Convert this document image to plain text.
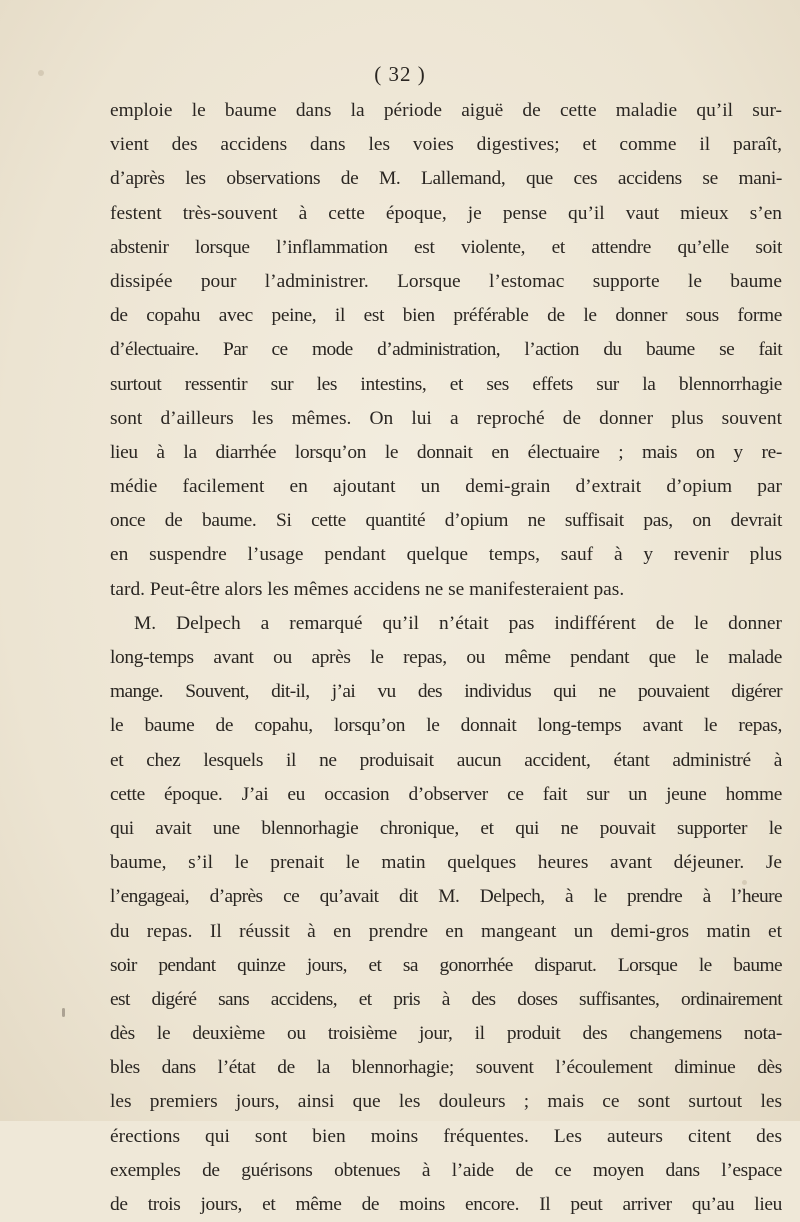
( 32 )
emploie le baume dans la période aiguë de cette maladie qu’il sur-
vient des accidens dans les voies digestives; et comme il paraît,
d’après les observations de M. Lallemand, que ces accidens se mani-
festent très-souvent à cette époque, je pense qu’il vaut mieux s’en
abstenir lorsque l’inflammation est violente, et attendre qu’elle soit
dissipée pour l’administrer. Lorsque l’estomac supporte le baume
de copahu avec peine, il est bien préférable de le donner sous forme
d’électuaire. Par ce mode d’administration, l’action du baume se fait
surtout ressentir sur les intestins, et ses effets sur la blennorrhagie
sont d’ailleurs les mêmes. On lui a reproché de donner plus souvent
lieu à la diarrhée lorsqu’on le donnait en électuaire ; mais on y re-
médie facilement en ajoutant un demi-grain d’extrait d’opium par
once de baume. Si cette quantité d’opium ne suffisait pas, on devrait
en suspendre l’usage pendant quelque temps, sauf à y revenir plus
tard. Peut-être alors les mêmes accidens ne se manifesteraient pas.
M. Delpech a remarqué qu’il n’était pas indifférent de le donner
long-temps avant ou après le repas, ou même pendant que le malade
mange. Souvent, dit-il, j’ai vu des individus qui ne pouvaient digérer
le baume de copahu, lorsqu’on le donnait long-temps avant le repas,
et chez lesquels il ne produisait aucun accident, étant administré à
cette époque. J’ai eu occasion d’observer ce fait sur un jeune homme
qui avait une blennorhagie chronique, et qui ne pouvait supporter le
baume, s’il le prenait le matin quelques heures avant déjeuner. Je
l’engageai, d’après ce qu’avait dit M. Delpech, à le prendre à l’heure
du repas. Il réussit à en prendre en mangeant un demi-gros matin et
soir pendant quinze jours, et sa gonorrhée disparut. Lorsque le baume
est digéré sans accidens, et pris à des doses suffisantes, ordinairement
dès le deuxième ou troisième jour, il produit des changemens nota-
bles dans l’état de la blennorhagie; souvent l’écoulement diminue dès
les premiers jours, ainsi que les douleurs ; mais ce sont surtout les
érections qui sont bien moins fréquentes. Les auteurs citent des
exemples de guérisons obtenues à l’aide de ce moyen dans l’espace
de trois jours, et même de moins encore. Il peut arriver qu’au lieu
